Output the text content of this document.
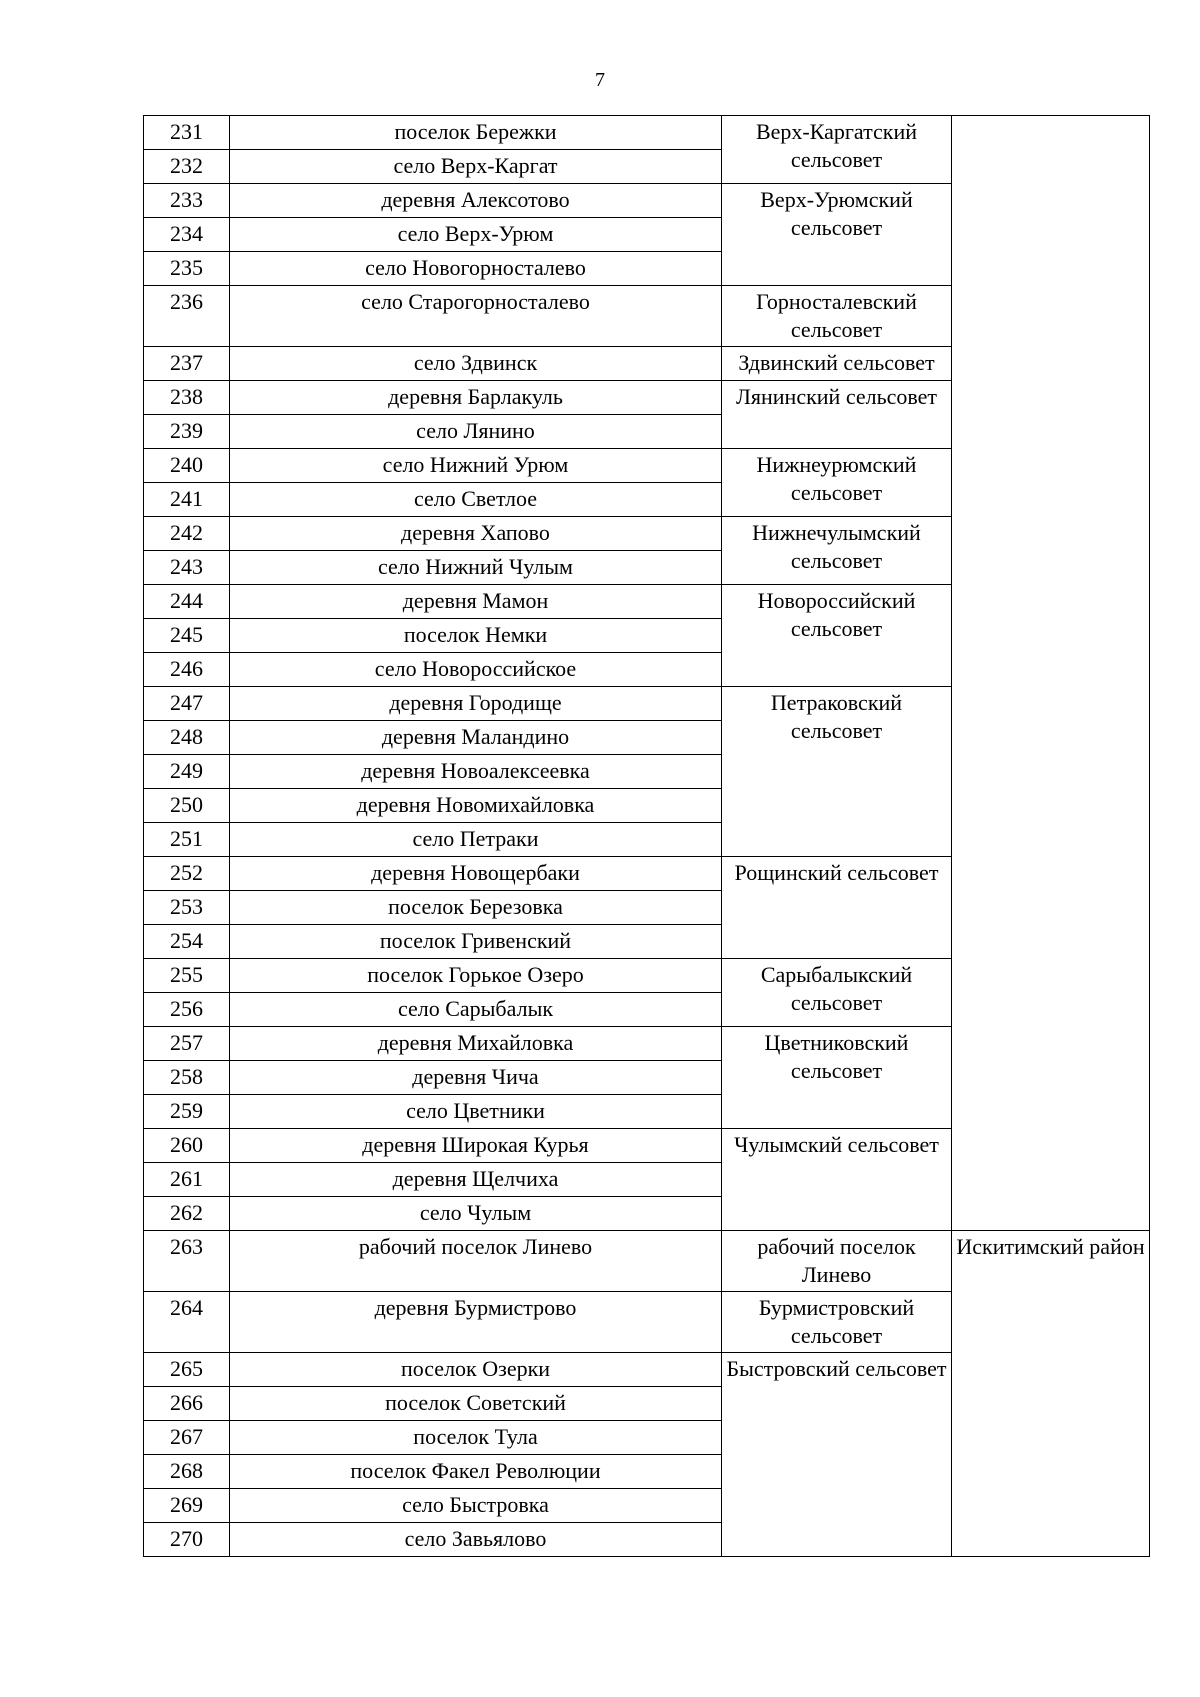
7
231	поселок Бережки	Верх-Каргатский сельсовет	

232	село Верх-Каргат		

233	деревня Алексотово	Верх-Урюмский сельсовет	

234	село Верх-Урюм		

235	село Новогорносталево		

236	село Старогорносталево	Горносталевский сельсовет	

237	село Здвинск	Здвинский сельсовет	

238	деревня Барлакуль	Лянинский сельсовет	

239	село Лянино		

240	село Нижний Урюм	Нижнеурюмский сельсовет	

241	село Светлое		

242	деревня Хапово	Нижнечулымский сельсовет	

243	село Нижний Чулым		

244	деревня Мамон	Новороссийский сельсовет	

245	поселок Немки		

246	село Новороссийское		

247	деревня Городище	Петраковский сельсовет	

248	деревня Маландино		

249	деревня Новоалексеевка		

250	деревня Новомихайловка		

251	село Петраки		

252	деревня Новощербаки	Рощинский сельсовет	

253	поселок Березовка		

254	поселок Гривенский		

255	поселок Горькое Озеро	Сарыбалыкский сельсовет	

256	село Сарыбалык		

257	деревня Михайловка	Цветниковский сельсовет	

258	деревня Чича		

259	село Цветники		

260	деревня Широкая Курья	Чулымский сельсовет	

261	деревня Щелчиха		

262	село Чулым		

263	рабочий поселок Линево	рабочий поселок Линево	Искитимский район

264	деревня Бурмистрово	Бурмистровский сельсовет	

265	поселок Озерки	Быстровский сельсовет	

266	поселок Советский		

267	поселок Тула		

268	поселок Факел Революции		

269	село Быстровка		

270	село Завьялово		
